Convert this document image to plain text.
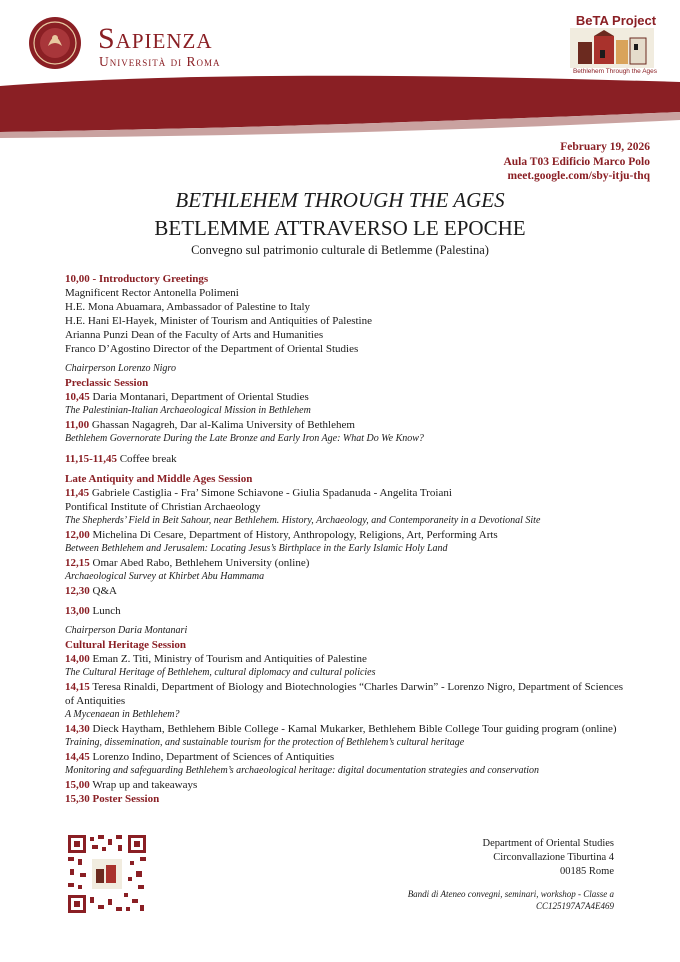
Sapienza
Università di Roma
BeTA Project
Bethlehem Through the Ages
February 19, 2026
Aula T03 Edificio Marco Polo
meet.google.com/sby-itju-thq
BETHLEHEM THROUGH THE AGES
BETLEMME ATTRAVERSO LE EPOCHE
Convegno sul patrimonio culturale di Betlemme (Palestina)
10,00 - Introductory Greetings
Magnificent Rector Antonella Polimeni
H.E. Mona Abuamara, Ambassador of Palestine to Italy
H.E. Hani El-Hayek, Minister of Tourism and Antiquities of Palestine
Arianna Punzi Dean of the Faculty of Arts and Humanities
Franco D’Agostino Director of the Department of Oriental Studies
Chairperson Lorenzo Nigro
Preclassic Session
10,45 Daria Montanari, Department of Oriental Studies
The Palestinian-Italian Archaeological Mission in Bethlehem
11,00 Ghassan Nagagreh, Dar al-Kalima University of Bethlehem
Bethlehem Governorate During the Late Bronze and Early Iron Age: What Do We Know?
11,15-11,45 Coffee break
Late Antiquity and Middle Ages Session
11,45 Gabriele Castiglia - Fra’ Simone Schiavone - Giulia Spadanuda - Angelita Troiani
Pontifical Institute of Christian Archaeology
The Shepherds’ Field in Beit Sahour, near Bethlehem. History, Archaeology, and Contemporaneity in a Devotional Site
12,00 Michelina Di Cesare, Department of History, Anthropology, Religions, Art, Performing Arts
Between Bethlehem and Jerusalem: Locating Jesus’s Birthplace in the Early Islamic Holy Land
12,15 Omar Abed Rabo, Bethlehem University (online)
Archaeological Survey at Khirbet Abu Hammama
12,30 Q&A
13,00 Lunch
Chairperson Daria Montanari
Cultural Heritage Session
14,00 Eman Z. Titi, Ministry of Tourism and Antiquities of Palestine
The Cultural Heritage of Bethlehem, cultural diplomacy and cultural policies
14,15 Teresa Rinaldi, Department of Biology and Biotechnologies “Charles Darwin” - Lorenzo Nigro, Department of Sciences of Antiquities
A Mycenaean in Bethlehem?
14,30 Dieck Haytham, Bethlehem Bible College - Kamal Mukarker, Bethlehem Bible College Tour guiding program (online)
Training, dissemination, and sustainable tourism for the protection of Bethlehem’s cultural heritage
14,45 Lorenzo Indino, Department of Sciences of Antiquities
Monitoring and safeguarding Bethlehem’s archaeological heritage: digital documentation strategies and conservation
15,00 Wrap up and takeaways
15,30 Poster Session
Department of Oriental Studies
Circonvallazione Tiburtina 4
00185 Rome
Bandi di Ateneo convegni, seminari, workshop - Classe a
CC125197A7A4E469
